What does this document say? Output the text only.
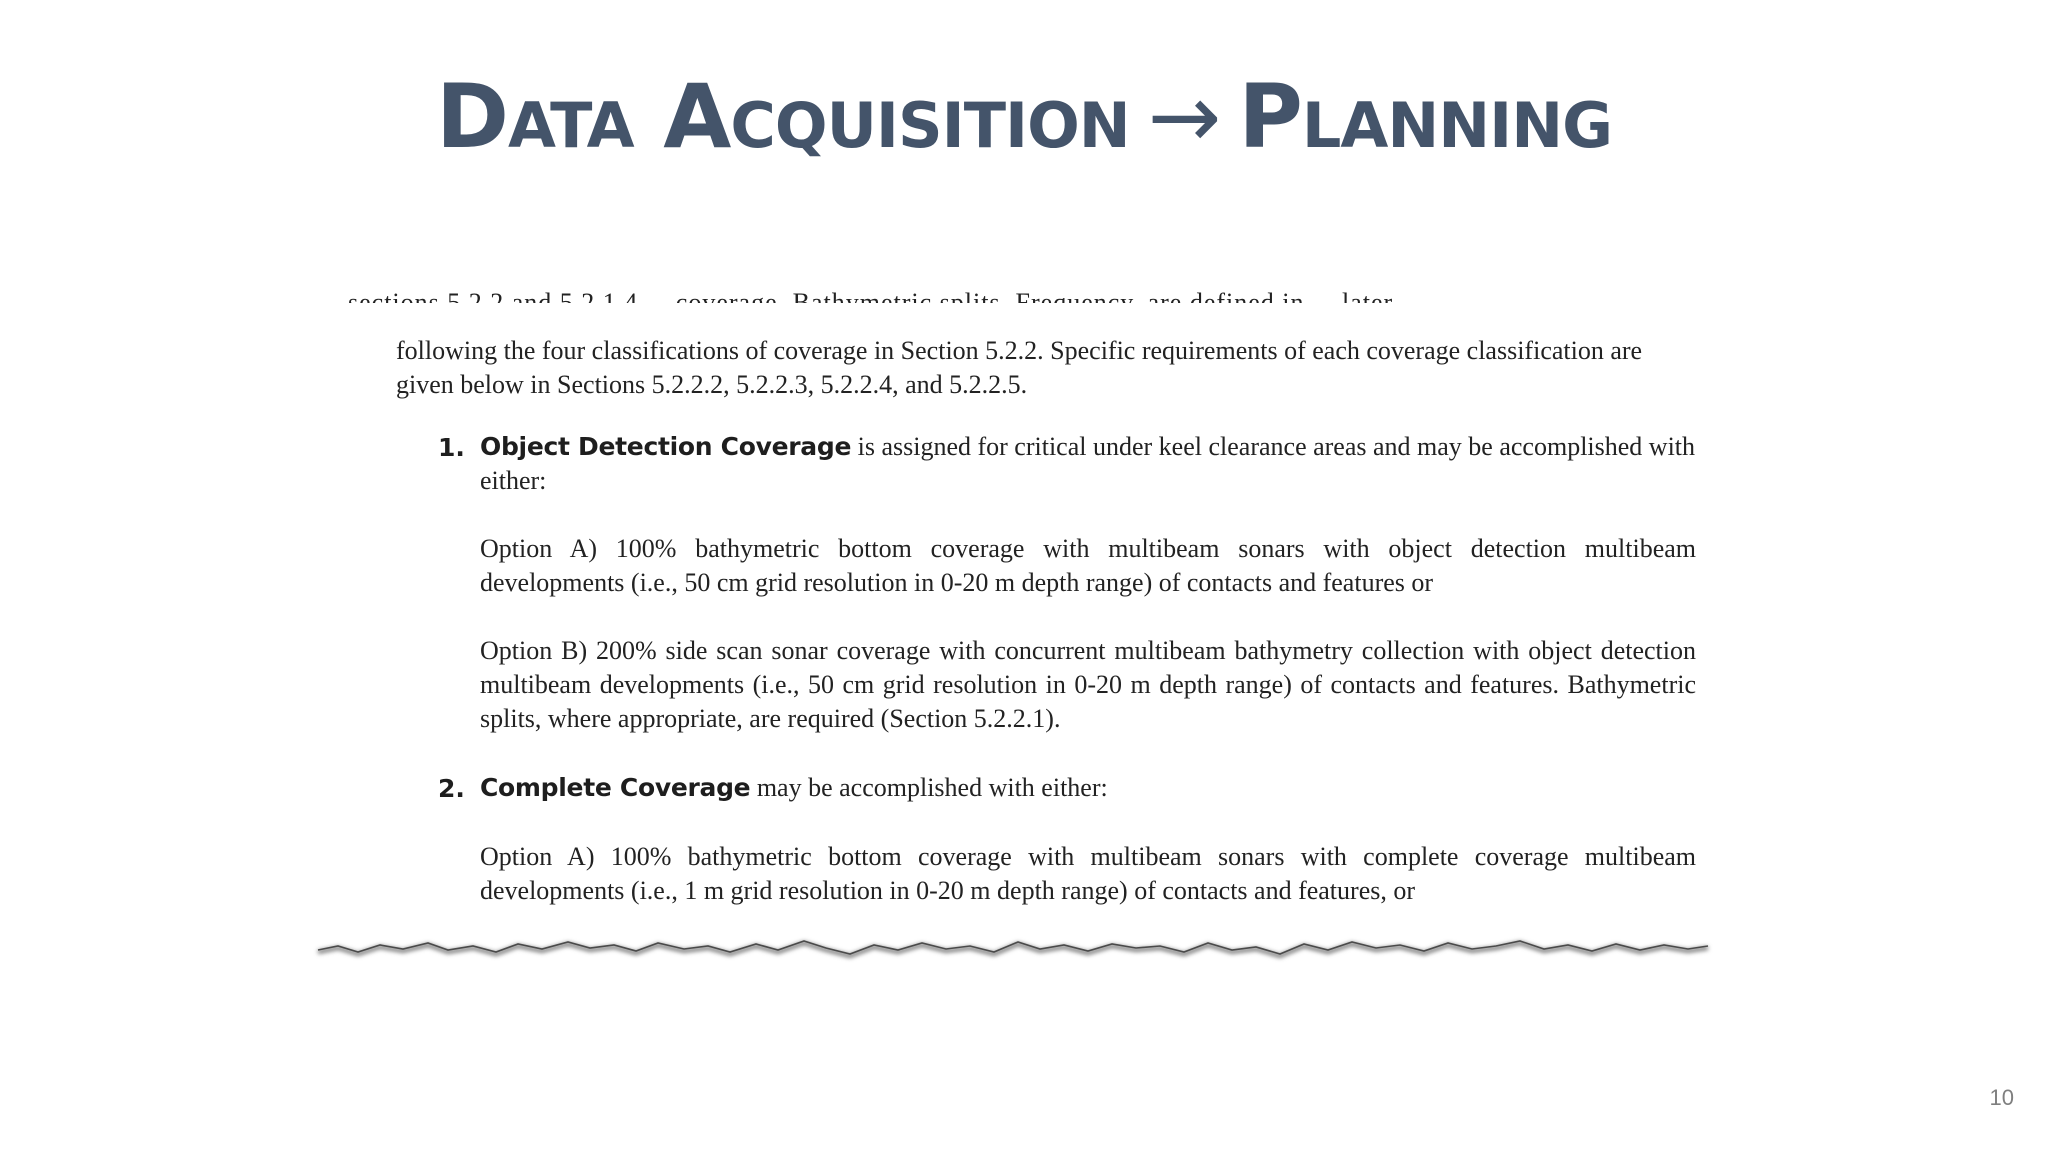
Data Acquisition → Planning

following the four classifications of coverage in Section 5.2.2. Specific requirements of each coverage classification are given below in Sections 5.2.2.2, 5.2.2.3, 5.2.2.4, and 5.2.2.5.

1. Object Detection Coverage is assigned for critical under keel clearance areas and may be accomplished with either:

Option A) 100% bathymetric bottom coverage with multibeam sonars with object detection multibeam developments (i.e., 50 cm grid resolution in 0-20 m depth range) of contacts and features or

Option B) 200% side scan sonar coverage with concurrent multibeam bathymetry collection with object detection multibeam developments (i.e., 50 cm grid resolution in 0-20 m depth range) of contacts and features. Bathymetric splits, where appropriate, are required (Section 5.2.2.1).

2. Complete Coverage may be accomplished with either:

Option A) 100% bathymetric bottom coverage with multibeam sonars with complete coverage multibeam developments (i.e., 1 m grid resolution in 0-20 m depth range) of contacts and features, or

10
